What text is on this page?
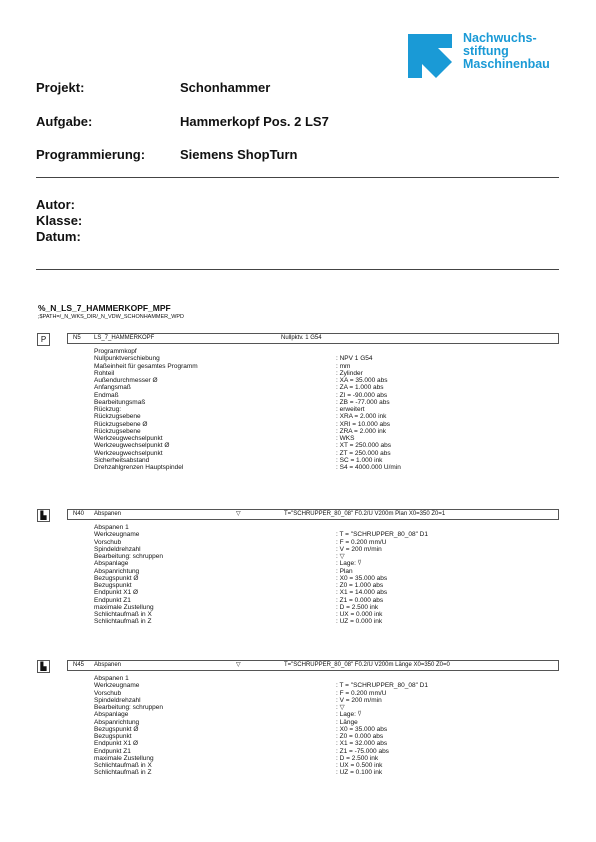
Nachwuchs-
stiftung
Maschinenbau
Projekt:	Schonhammer
Aufgabe:	Hammerkopf Pos. 2 LS7
Programmierung:	Siemens ShopTurn
Autor:
Klasse:
Datum:
%_N_LS_7_HAMMERKOPF_MPF
;$PATH=/_N_WKS_DIR/_N_VDW_SCHONHAMMER_WPD
P	N5 LS_7_HAMMERKOPF	Nullpktv. 1 G54
Programmkopf
Nullpunktverschiebung	: NPV 1 G54
Maßeinheit für gesamtes Programm	: mm
Rohteil	: Zylinder
Außendurchmesser Ø	: XA = 35.000 abs
Anfangsmaß	: ZA = 1.000 abs
Endmaß	: ZI = -90.000 abs
Bearbeitungsmaß	: ZB = -77.000 abs
Rückzug:	: erweitert
Rückzugsebene	: XRA = 2.000 ink
Rückzugsebene Ø	: XRI = 10.000 abs
Rückzugsebene	: ZRA = 2.000 ink
Werkzeugwechselpunkt	: WKS
Werkzeugwechselpunkt Ø	: XT = 250.000 abs
Werkzeugwechselpunkt	: ZT = 250.000 abs
Sicherheitsabstand	: SC = 1.000 ink
Drehzahlgrenzen Hauptspindel	: S4 = 4000.000 U/min
▙	N40 Abspanen	▽	T="SCHRUPPER_80_08" F0.2/U V200m Plan X0=350 Z0=1
Abspanen 1
Werkzeugname	: T = "SCHRUPPER_80_08" D1
Vorschub	: F = 0.200 mm/U
Spindeldrehzahl	: V = 200 m/min
Bearbeitung: schruppen	: ▽
Abspanlage	: Lage: ⍢
Abspanrichtung	: Plan
Bezugspunkt Ø	: X0 = 35.000 abs
Bezugspunkt	: Z0 = 1.000 abs
Endpunkt X1 Ø	: X1 = 14.000 abs
Endpunkt Z1	: Z1 = 0.000 abs
maximale Zustellung	: D = 2.500 ink
Schlichtaufmaß in X	: UX = 0.000 ink
Schlichtaufmaß in Z	: UZ = 0.000 ink
▙	N45 Abspanen	▽	T="SCHRUPPER_80_08" F0.2/U V200m Länge X0=350 Z0=0
Abspanen 1
Werkzeugname	: T = "SCHRUPPER_80_08" D1
Vorschub	: F = 0.200 mm/U
Spindeldrehzahl	: V = 200 m/min
Bearbeitung: schruppen	: ▽
Abspanlage	: Lage: ⍢
Abspanrichtung	: Länge
Bezugspunkt Ø	: X0 = 35.000 abs
Bezugspunkt	: Z0 = 0.000 abs
Endpunkt X1 Ø	: X1 = 32.000 abs
Endpunkt Z1	: Z1 = -75.000 abs
maximale Zustellung	: D = 2.500 ink
Schlichtaufmaß in X	: UX = 0.500 ink
Schlichtaufmaß in Z	: UZ = 0.100 ink
